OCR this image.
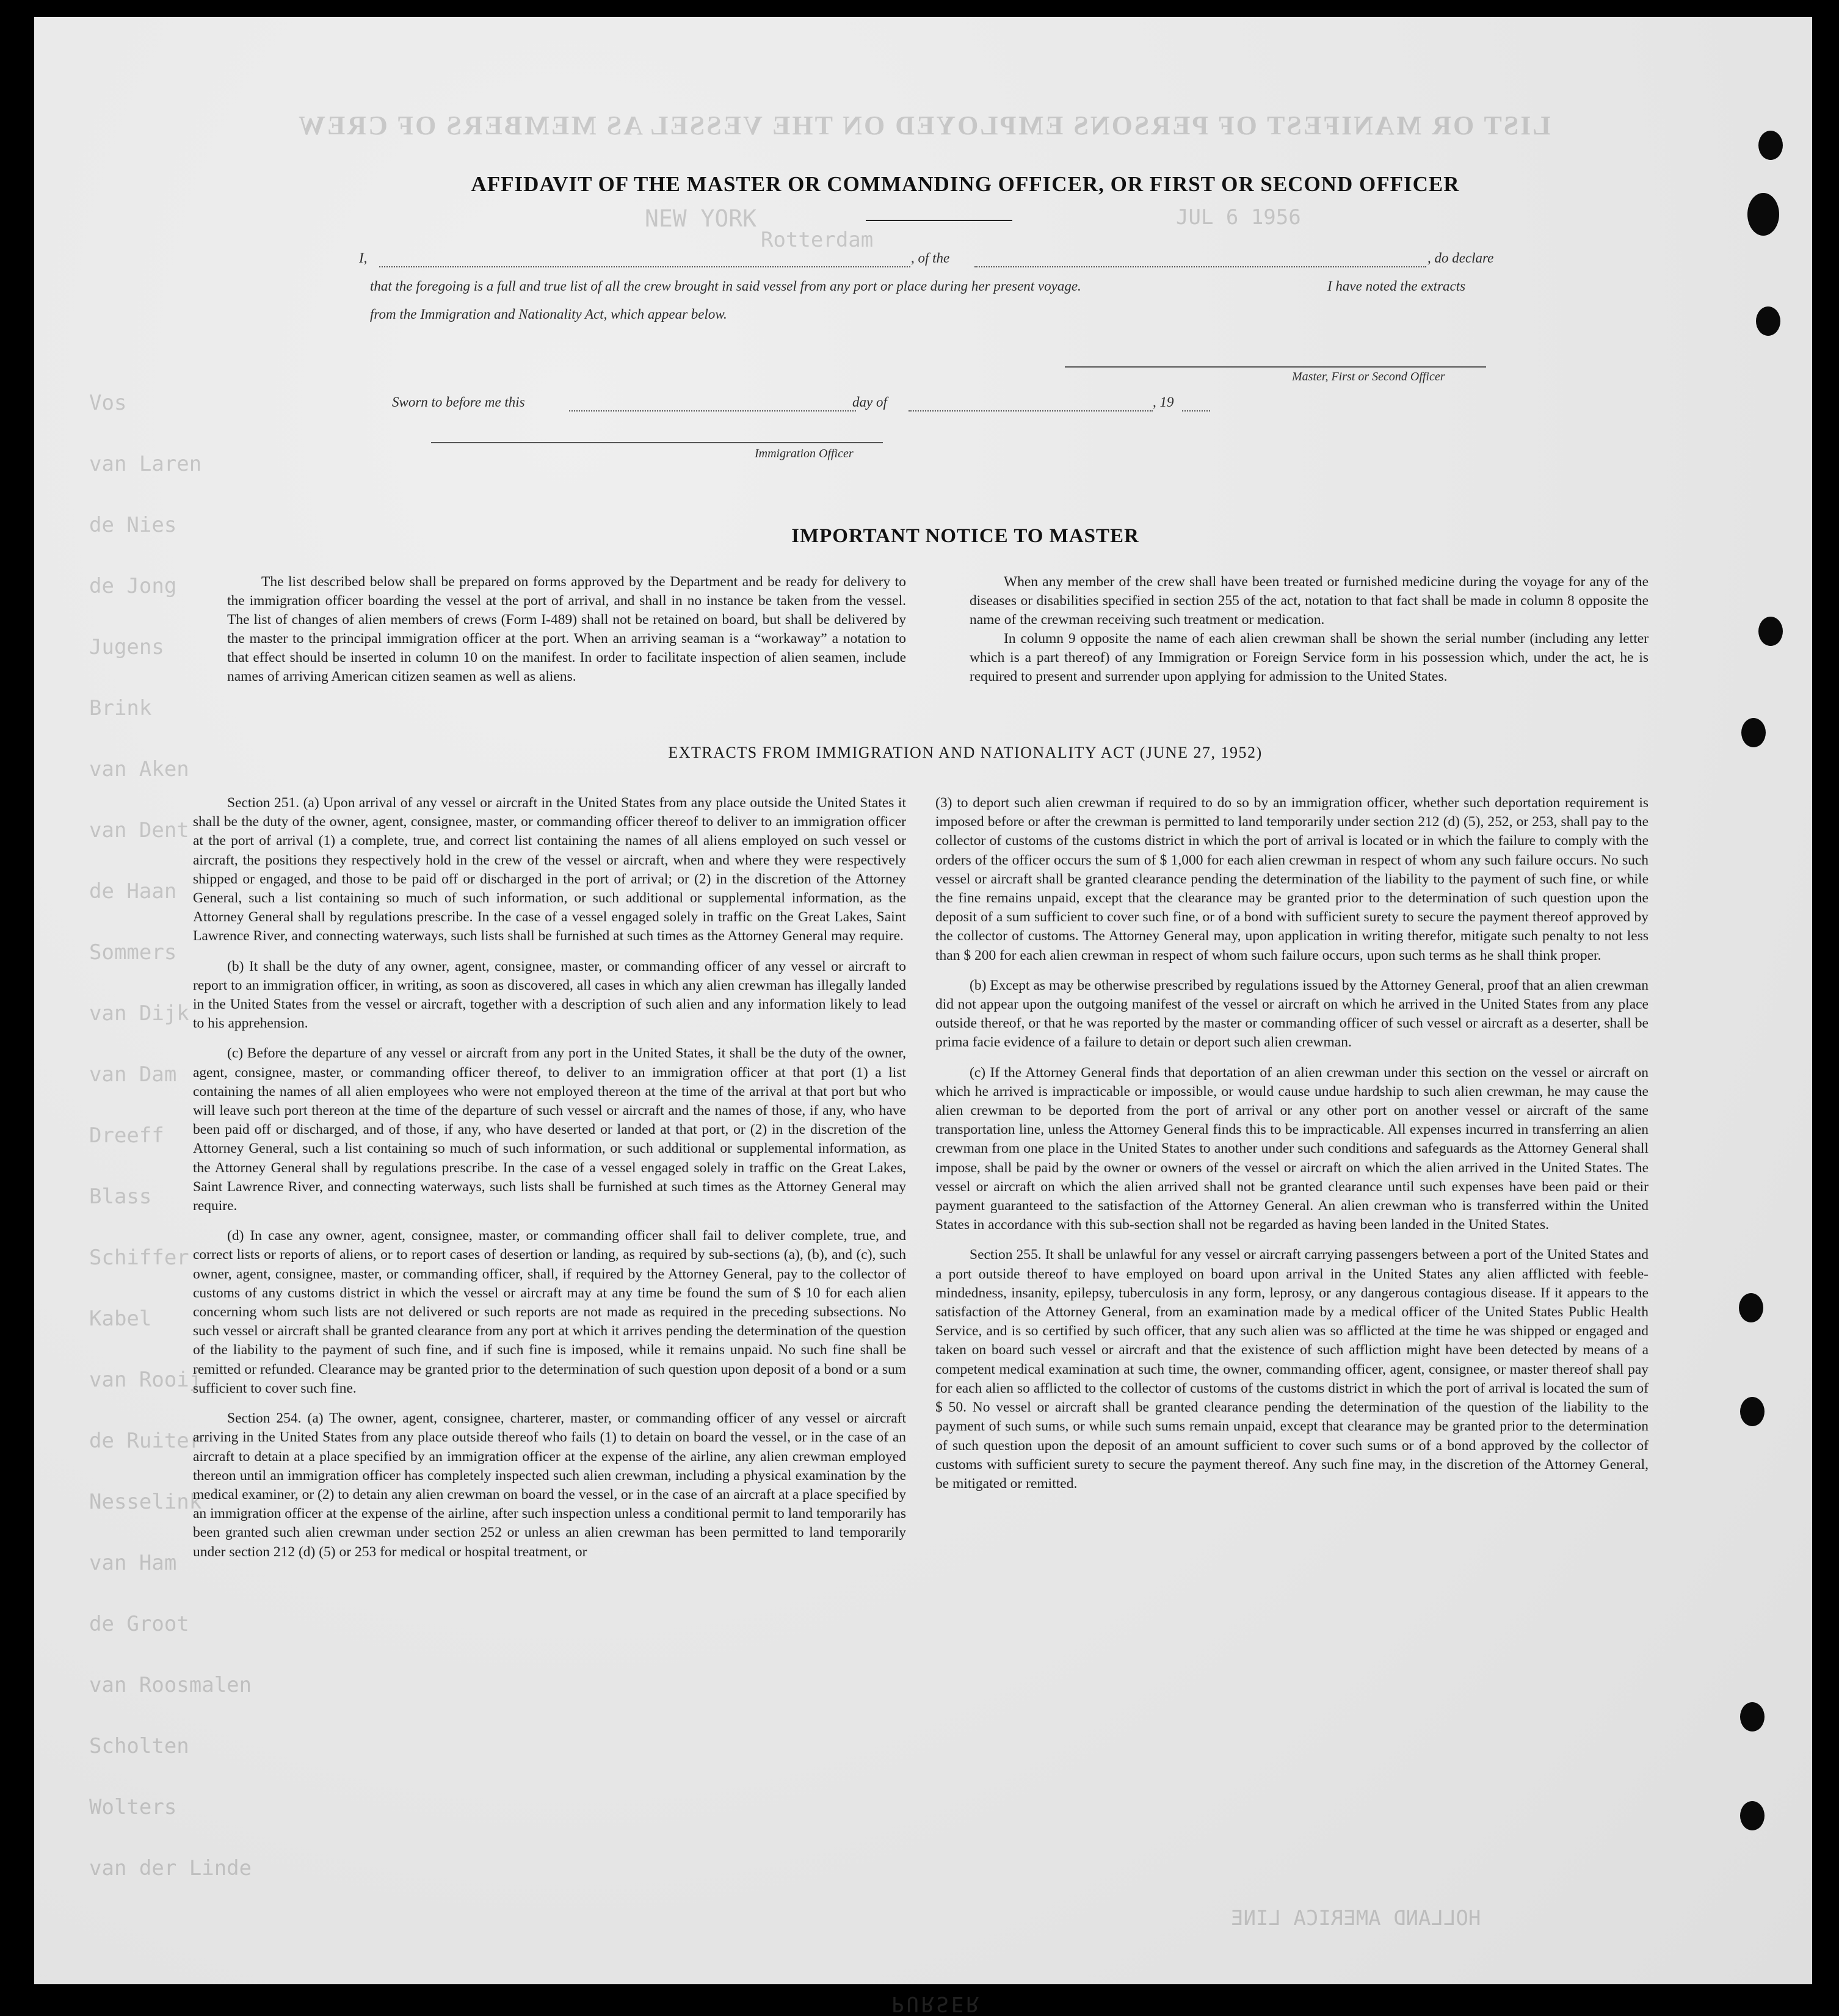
LIST OR MANIFEST OF PERSONS EMPLOYED ON THE VESSEL AS MEMBERS OF CREW
NEW YORK	JUL 6 1956
Rotterdam
Vos
van Laren
de Nies
de Jong
Jugens
Brink
van Aken
van Dent
de Haan
Sommers
van Dijk
van Dam
Dreeff
Blass
Schiffer
Kabel
van Rooij
de Ruiter
Nesselink
van Ham
de Groot
van Roosmalen
Scholten
Wolters
van der Linde
HOLLAND AMERICA LINE
AFFIDAVIT OF THE MASTER OR COMMANDING OFFICER, OR FIRST OR SECOND OFFICER
I,	, of the	, do declare
that the foregoing is a full and true list of all the crew brought in said vessel from any port or place during her present voyage.	I have noted the extracts
from the Immigration and Nationality Act, which appear below.
Master, First or Second Officer
Sworn to before me this	day of	, 19
Immigration Officer
IMPORTANT NOTICE TO MASTER

The list described below shall be prepared on forms approved by the Department and be ready for delivery to the immigration officer boarding the vessel at the port of arrival, and shall in no instance be taken from the vessel. The list of changes of alien members of crews (Form I-489) shall not be retained on board, but shall be delivered by the master to the principal immigration officer at the port. When an arriving seaman is a “workaway” a notation to that effect should be inserted in column 10 on the manifest. In order to facilitate inspection of alien seamen, include names of arriving American citizen seamen as well as aliens.

When any member of the crew shall have been treated or furnished medicine during the voyage for any of the diseases or disabilities specified in section 255 of the act, notation to that fact shall be made in column 8 opposite the name of the crewman receiving such treatment or medication.

In column 9 opposite the name of each alien crewman shall be shown the serial number (including any letter which is a part thereof) of any Immigration or Foreign Service form in his possession which, under the act, he is required to present and surrender upon applying for admission to the United States.

EXTRACTS FROM IMMIGRATION AND NATIONALITY ACT (JUNE 27, 1952)

Section 251. (a) Upon arrival of any vessel or aircraft in the United States from any place outside the United States it shall be the duty of the owner, agent, consignee, master, or commanding officer thereof to deliver to an immigration officer at the port of arrival (1) a complete, true, and correct list containing the names of all aliens employed on such vessel or aircraft, the positions they respectively hold in the crew of the vessel or aircraft, when and where they were respectively shipped or engaged, and those to be paid off or discharged in the port of arrival; or (2) in the discretion of the Attorney General, such a list containing so much of such information, or such additional or supplemental information, as the Attorney General shall by regulations prescribe. In the case of a vessel engaged solely in traffic on the Great Lakes, Saint Lawrence River, and connecting waterways, such lists shall be furnished at such times as the Attorney General may require.

(b) It shall be the duty of any owner, agent, consignee, master, or commanding officer of any vessel or aircraft to report to an immigration officer, in writing, as soon as discovered, all cases in which any alien crewman has illegally landed in the United States from the vessel or aircraft, together with a description of such alien and any information likely to lead to his apprehension.

(c) Before the departure of any vessel or aircraft from any port in the United States, it shall be the duty of the owner, agent, consignee, master, or commanding officer thereof, to deliver to an immigration officer at that port (1) a list containing the names of all alien employees who were not employed thereon at the time of the arrival at that port but who will leave such port thereon at the time of the departure of such vessel or aircraft and the names of those, if any, who have been paid off or discharged, and of those, if any, who have deserted or landed at that port, or (2) in the discretion of the Attorney General, such a list containing so much of such information, or such additional or supplemental information, as the Attorney General shall by regulations prescribe. In the case of a vessel engaged solely in traffic on the Great Lakes, Saint Lawrence River, and connecting waterways, such lists shall be furnished at such times as the Attorney General may require.

(d) In case any owner, agent, consignee, master, or commanding officer shall fail to deliver complete, true, and correct lists or reports of aliens, or to report cases of desertion or landing, as required by sub-sections (a), (b), and (c), such owner, agent, consignee, master, or commanding officer, shall, if required by the Attorney General, pay to the collector of customs of any customs district in which the vessel or aircraft may at any time be found the sum of $ 10 for each alien concerning whom such lists are not delivered or such reports are not made as required in the preceding subsections. No such vessel or aircraft shall be granted clearance from any port at which it arrives pending the determination of the question of the liability to the payment of such fine, and if such fine is imposed, while it remains unpaid. No such fine shall be remitted or refunded. Clearance may be granted prior to the determination of such question upon deposit of a bond or a sum sufficient to cover such fine.

Section 254. (a) The owner, agent, consignee, charterer, master, or commanding officer of any vessel or aircraft arriving in the United States from any place outside thereof who fails (1) to detain on board the vessel, or in the case of an aircraft to detain at a place specified by an immigration officer at the expense of the airline, any alien crewman employed thereon until an immigration officer has completely inspected such alien crewman, including a physical examination by the medical examiner, or (2) to detain any alien crewman on board the vessel, or in the case of an aircraft at a place specified by an immigration officer at the expense of the airline, after such inspection unless a conditional permit to land temporarily has been granted such alien crewman under section 252 or unless an alien crewman has been permitted to land temporarily under section 212 (d) (5) or 253 for medical or hospital treatment, or

(3) to deport such alien crewman if required to do so by an immigration officer, whether such deportation requirement is imposed before or after the crewman is permitted to land temporarily under section 212 (d) (5), 252, or 253, shall pay to the collector of customs of the customs district in which the port of arrival is located or in which the failure to comply with the orders of the officer occurs the sum of $ 1,000 for each alien crewman in respect of whom any such failure occurs. No such vessel or aircraft shall be granted clearance pending the determination of the liability to the payment of such fine, or while the fine remains unpaid, except that the clearance may be granted prior to the determination of such question upon the deposit of a sum sufficient to cover such fine, or of a bond with sufficient surety to secure the payment thereof approved by the collector of customs. The Attorney General may, upon application in writing therefor, mitigate such penalty to not less than $ 200 for each alien crewman in respect of whom such failure occurs, upon such terms as he shall think proper.

(b) Except as may be otherwise prescribed by regulations issued by the Attorney General, proof that an alien crewman did not appear upon the outgoing manifest of the vessel or aircraft on which he arrived in the United States from any place outside thereof, or that he was reported by the master or commanding officer of such vessel or aircraft as a deserter, shall be prima facie evidence of a failure to detain or deport such alien crewman.

(c) If the Attorney General finds that deportation of an alien crewman under this section on the vessel or aircraft on which he arrived is impracticable or impossible, or would cause undue hardship to such alien crewman, he may cause the alien crewman to be deported from the port of arrival or any other port on another vessel or aircraft of the same transportation line, unless the Attorney General finds this to be impracticable. All expenses incurred in transferring an alien crewman from one place in the United States to another under such conditions and safeguards as the Attorney General shall impose, shall be paid by the owner or owners of the vessel or aircraft on which the alien arrived in the United States. The vessel or aircraft on which the alien arrived shall not be granted clearance until such expenses have been paid or their payment guaranteed to the satisfaction of the Attorney General. An alien crewman who is transferred within the United States in accordance with this sub-section shall not be regarded as having been landed in the United States.

Section 255. It shall be unlawful for any vessel or aircraft carrying passengers between a port of the United States and a port outside thereof to have employed on board upon arrival in the United States any alien afflicted with feeble-mindedness, insanity, epilepsy, tuberculosis in any form, leprosy, or any dangerous contagious disease. If it appears to the satisfaction of the Attorney General, from an examination made by a medical officer of the United States Public Health Service, and is so certified by such officer, that any such alien was so afflicted at the time he was shipped or engaged and taken on board such vessel or aircraft and that the existence of such affliction might have been detected by means of a competent medical examination at such time, the owner, commanding officer, agent, consignee, or master thereof shall pay for each alien so afflicted to the collector of customs of the customs district in which the port of arrival is located the sum of $ 50. No vessel or aircraft shall be granted clearance pending the determination of the question of the liability to the payment of such sums, or while such sums remain unpaid, except that clearance may be granted prior to the determination of such question upon the deposit of an amount sufficient to cover such sums or of a bond approved by the collector of customs with sufficient surety to secure the payment thereof. Any such fine may, in the discretion of the Attorney General, be mitigated or remitted.

PURSER
